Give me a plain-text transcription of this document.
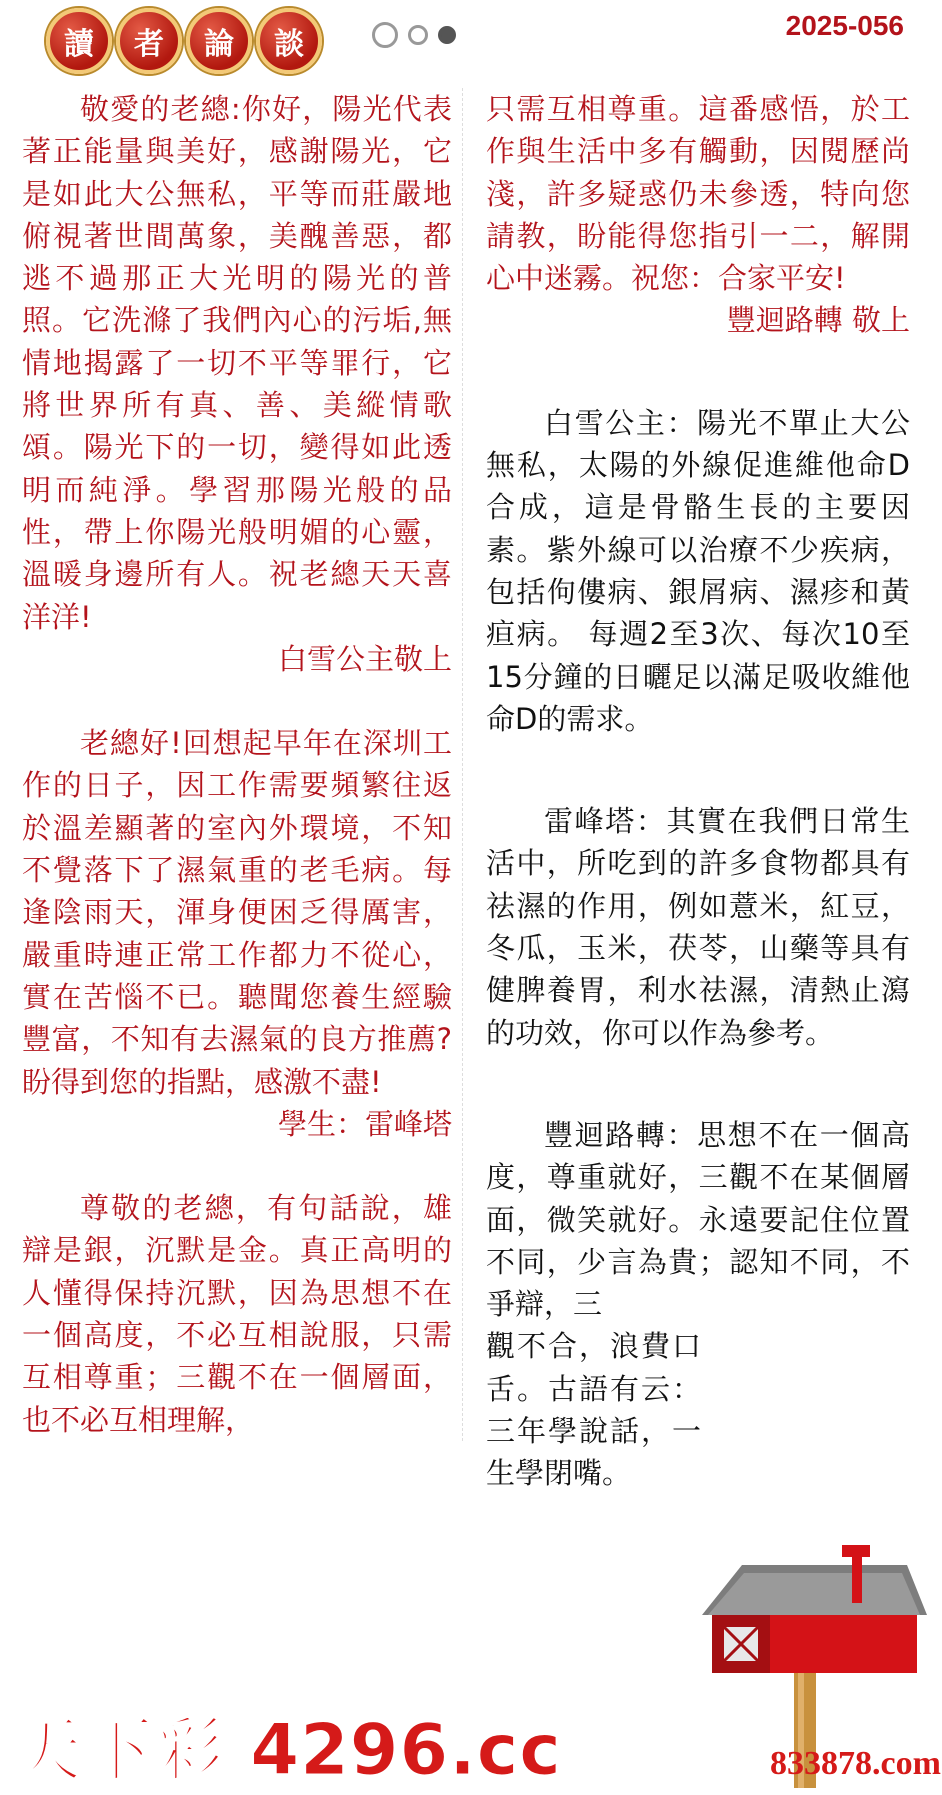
讀	者	論	談
2025-056

敬愛的老總:你好，陽光代表著正能量與美好，感謝陽光，它是如此大公無私，平等而莊嚴地俯視著世間萬象，美醜善惡，都逃不過那正大光明的陽光的普照。它洗滌了我們內心的污垢,無情地揭露了一切不平等罪行，它將世界所有真、善、美縱情歌頌。陽光下的一切，變得如此透明而純淨。學習那陽光般的品性，帶上你陽光般明媚的心靈，溫暖身邊所有人。祝老總天天喜洋洋!

白雪公主敬上

老總好!回想起早年在深圳工作的日子，因工作需要頻繁往返於溫差顯著的室內外環境，不知不覺落下了濕氣重的老毛病。每逢陰雨天，渾身便困乏得厲害，嚴重時連正常工作都力不從心，實在苦惱不已。聽聞您養生經驗豐富，不知有去濕氣的良方推薦?盼得到您的指點，感激不盡!

學生：雷峰塔

尊敬的老總，有句話說，雄辯是銀，沉默是金。真正高明的人懂得保持沉默，因為思想不在一個高度，不必互相說服，只需互相尊重；三觀不在一個層面，也不必互相理解，

只需互相尊重。這番感悟，於工作與生活中多有觸動，因閱歷尚淺，許多疑惑仍未參透，特向您請教，盼能得您指引一二，解開心中迷霧。祝您：合家平安!

豐迴路轉 敬上

白雪公主：陽光不單止大公無私，太陽的外線促進維他命D合成，這是骨骼生長的主要因素。紫外線可以治療不少疾病，包括佝僂病、銀屑病、濕疹和黃疸病。 每週2至3次、每次10至15分鐘的日曬足以滿足吸收維他命D的需求。

雷峰塔：其實在我們日常生活中，所吃到的許多食物都具有祛濕的作用，例如薏米，紅豆，冬瓜，玉米，茯苓，山藥等具有健脾養胃，利水祛濕，清熱止瀉的功效，你可以作為參考。

豐迴路轉：思想不在一個高度，尊重就好，三觀不在某個層面，微笑就好。永遠要記住位置不同，少言為貴；認知不同，不爭辯，三

觀不合，浪費口舌。古語有云：三年學說話，一生學閉嘴。

天下彩 4296.cc	833878.com
